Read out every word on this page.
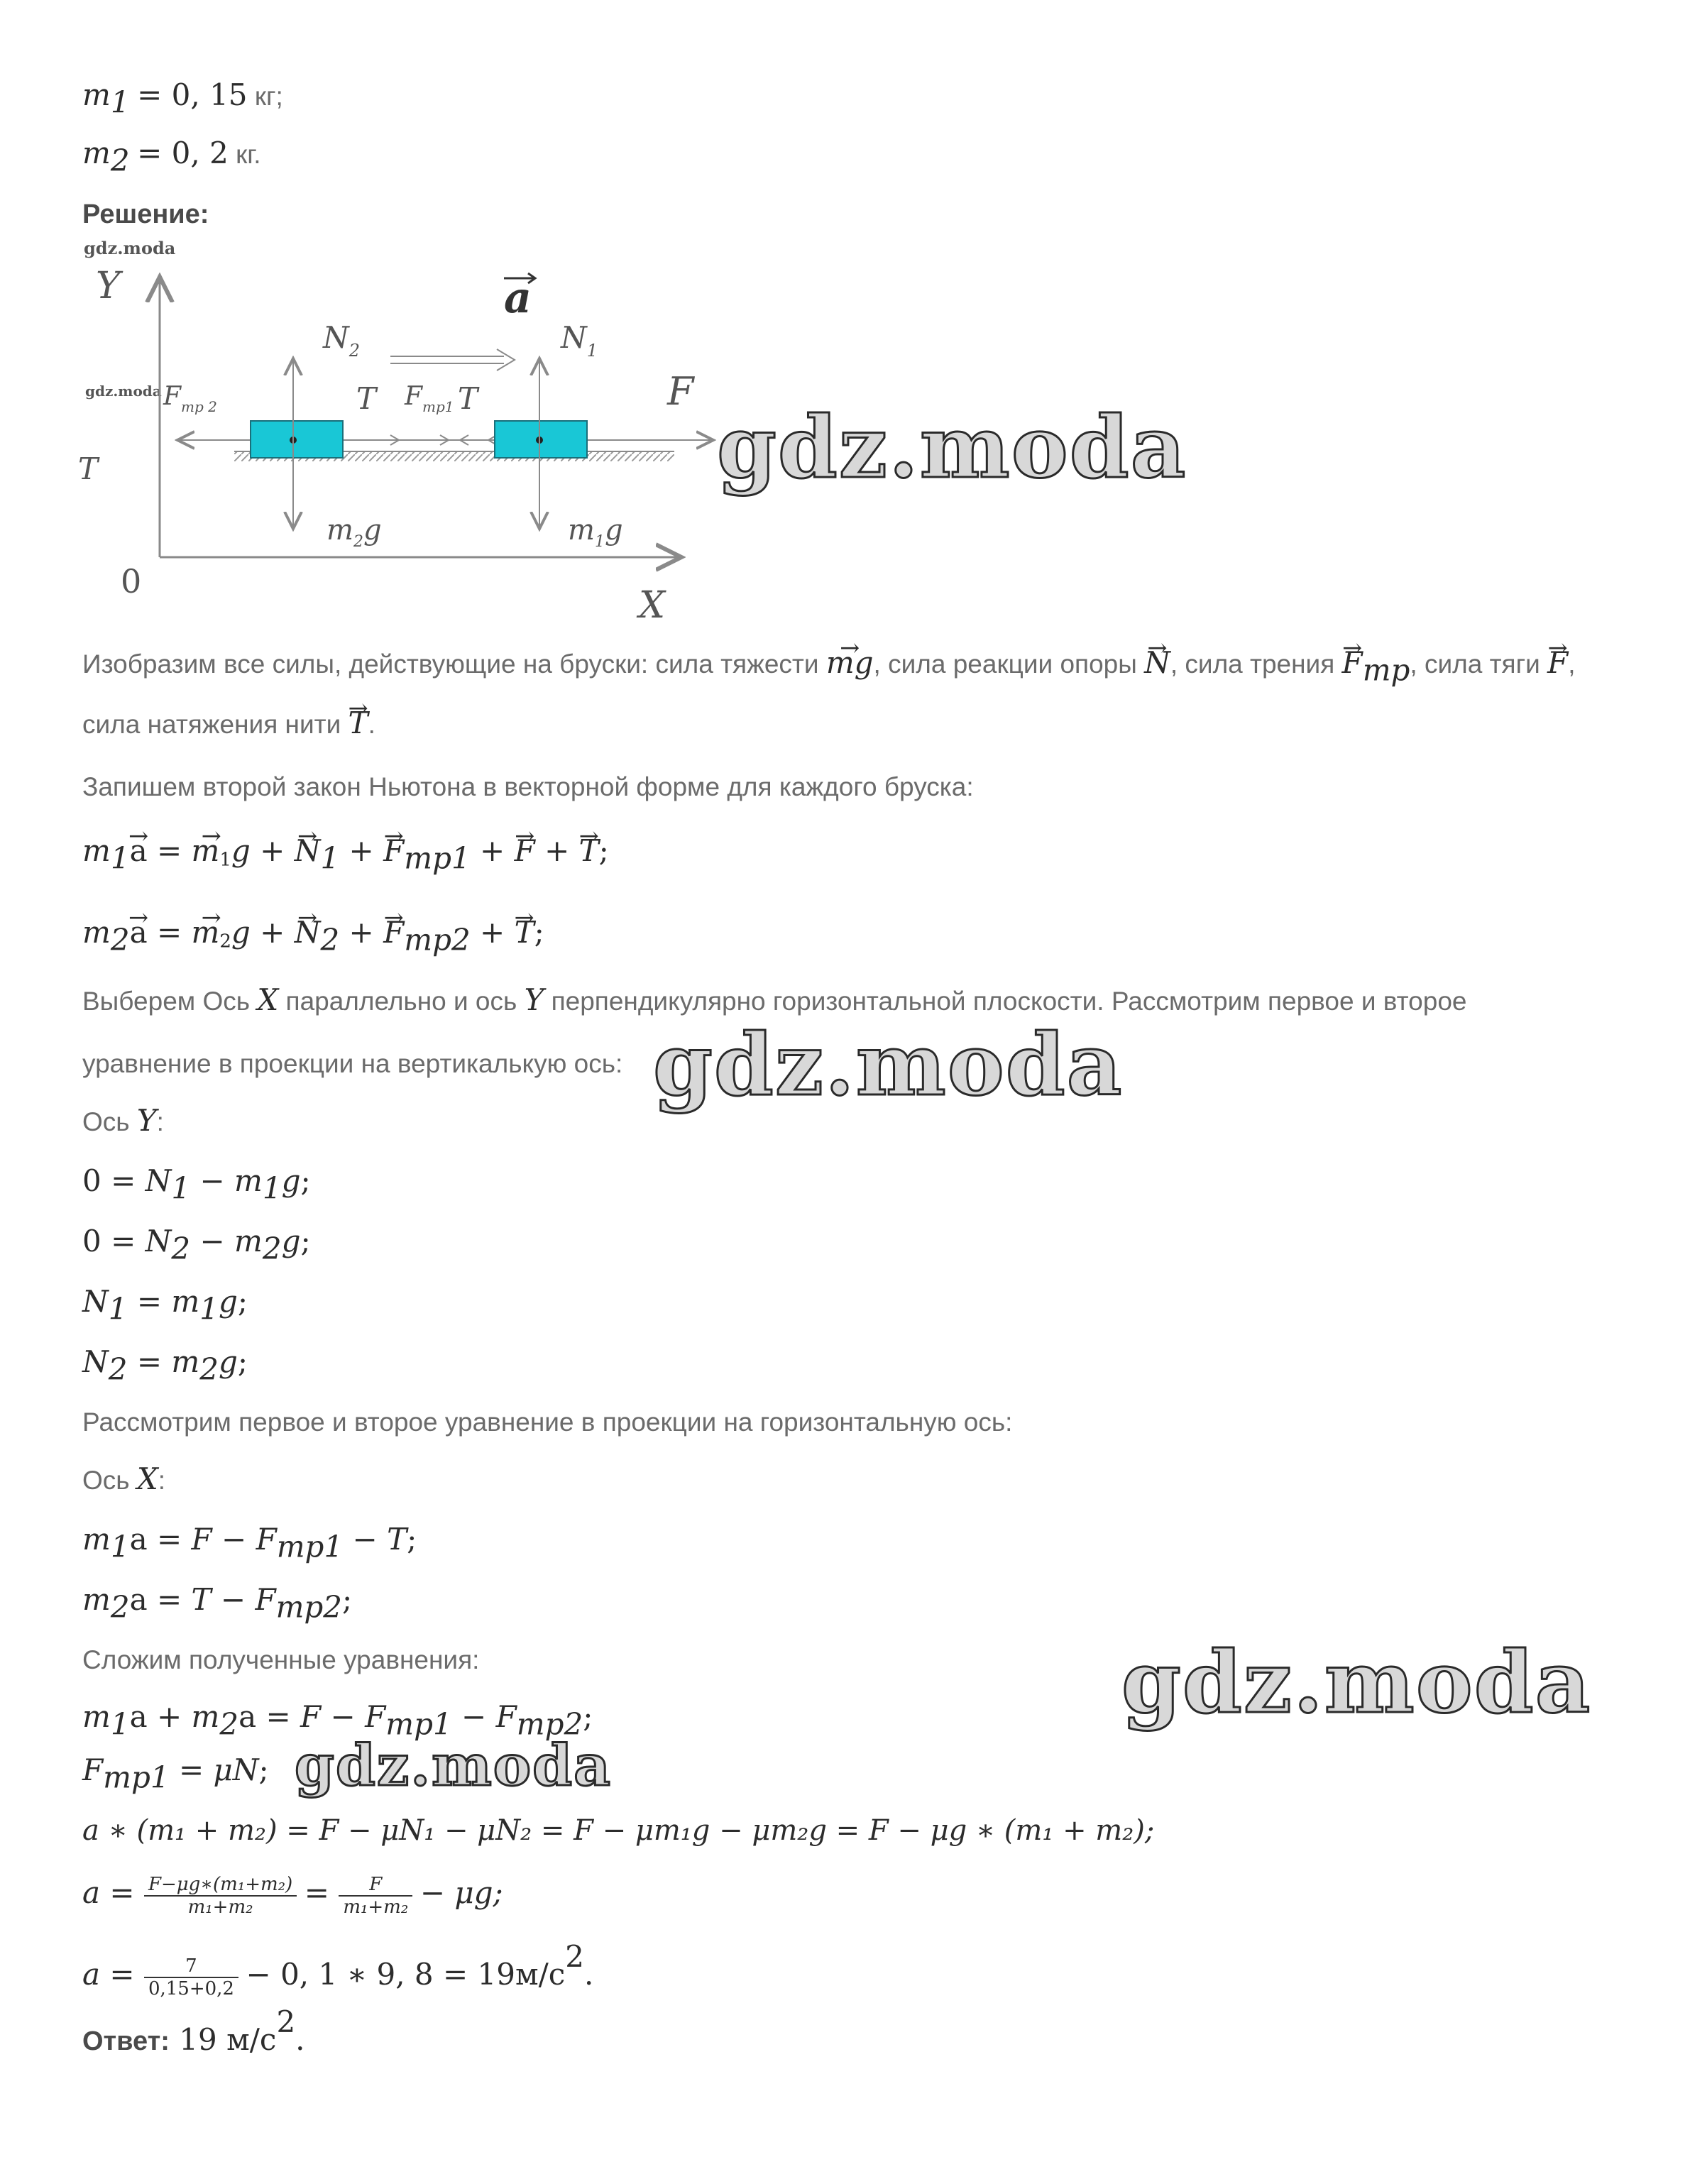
$m_1 = 0$, 15 кг;
$m_2 = 0$, 2 кг.
Решение:
gdz.moda
gdz.moda
Y
X
0
T
a
$N_2$	$N_1$
$F_{тр 2}$	T $F_{тр1}$ T	F
$m_2g$	$m_1g$
Изобразим все силы, действующие на бруски: сила тяжести → mg, сила реакции опоры → N, сила трения → $F_{тр}$, сила тяги → F,
сила натяжения нити → T.
Запишем второй закон Ньютона в векторной форме для каждого бруска:
$m_1\to a$ = → $m_1g$ + → $N_1$ + → $F_{тр1}$ + → F + → T;
$m_2\to a$ = → $m_2g$ + → $N_2$ + → $F_{тр2}$ + → T;
Выберем Ось X параллельно и ось Y перпендикулярно горизонтальной плоскости. Рассмотрим первое и второе
уравнение в проекции на вертикалькую ось:
Ось Y:
$0 = N_1 - m_1g$;
$0 = N_2 - m_2g$;
$N_1 = m_1g$;
$N_2 = m_2g$;
Рассмотрим первое и второе уравнение в проекции на горизонтальную ось:
Ось X:
$m_1a = F - F_{тр1} - T$;
$m_2a = T - F_{тр2}$;
Сложим полученные уравнения:
$m_1a + m_2a = F - F_{тр1} - F_{тр2}$;
$F_{тр1} = \mu N$;
a ∗ (m₁ + m₂) = F − μN₁ − μN₂ = F − μm₁g − μm₂g = F − μg ∗ (m₁ + m₂);
$a = \frac{\text{F−μg∗(m₁+m₂)}}{\text{m₁+m₂}} = \frac{F}{\text{m₁+m₂}} - \mu g$;
$a = \frac{7}{0,15+0,2} - 0$, 1 ∗ 9, $8 = 19м/с^2$.
Ответ: 19 $м/с^2$.
gdz.moda
gdz.moda
gdz.moda
gdz.moda
